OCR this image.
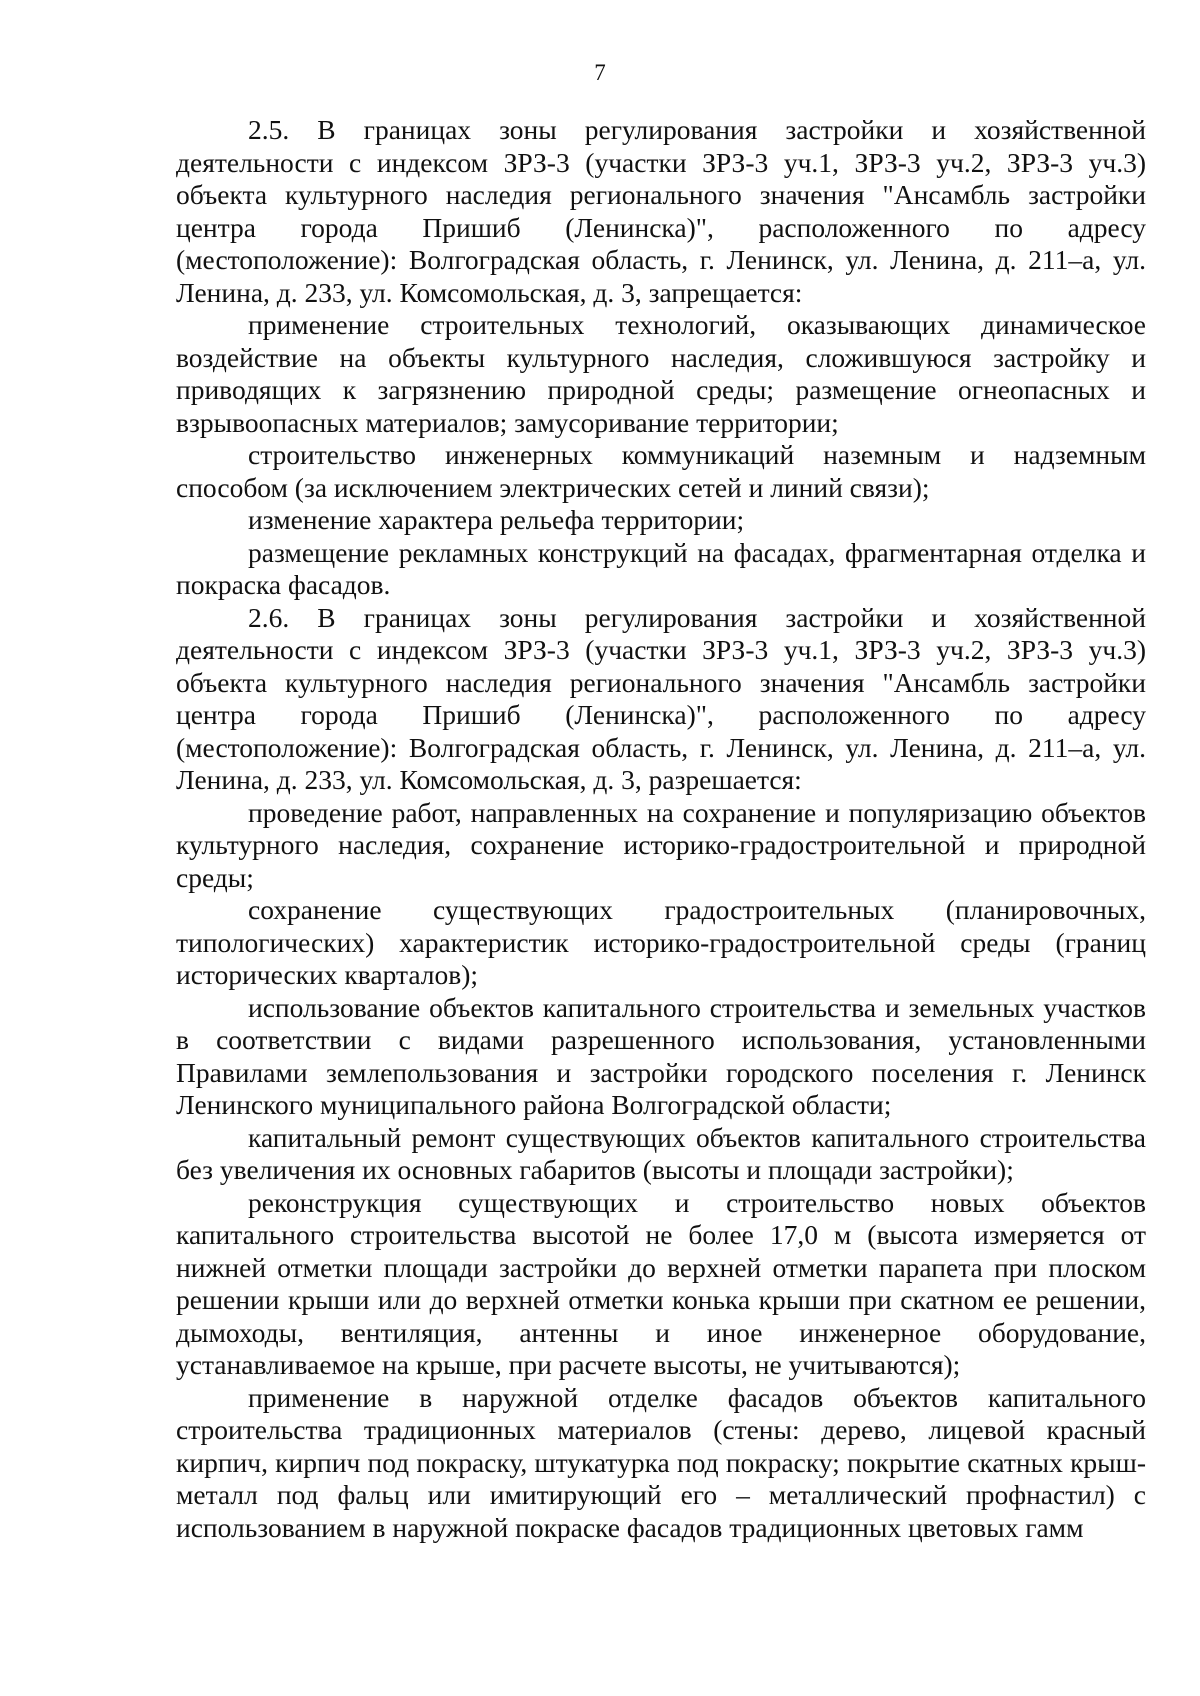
7

2.5. В границах зоны регулирования застройки и хозяйственной деятельности с индексом ЗРЗ-3 (участки ЗРЗ-3 уч.1, ЗРЗ-3 уч.2, ЗРЗ-3 уч.3) объекта культурного наследия регионального значения "Ансамбль застройки центра города Пришиб (Ленинска)", расположенного по адресу (местоположение): Волгоградская область, г. Ленинск, ул. Ленина, д. 211–а, ул. Ленина, д. 233, ул. Комсомольская, д. 3, запрещается:

применение строительных технологий, оказывающих динамическое воздействие на объекты культурного наследия, сложившуюся застройку и приводящих к загрязнению природной среды; размещение огнеопасных и взрывоопасных материалов; замусоривание территории;

строительство инженерных коммуникаций наземным и надземным способом (за исключением электрических сетей и линий связи);

изменение характера рельефа территории;

размещение рекламных конструкций на фасадах, фрагментарная отделка и покраска фасадов.

2.6. В границах зоны регулирования застройки и хозяйственной деятельности с индексом ЗРЗ-3 (участки ЗРЗ-3 уч.1, ЗРЗ-3 уч.2, ЗРЗ-3 уч.3) объекта культурного наследия регионального значения "Ансамбль застройки центра города Пришиб (Ленинска)", расположенного по адресу (местоположение): Волгоградская область, г. Ленинск, ул. Ленина, д. 211–а, ул. Ленина, д. 233, ул. Комсомольская, д. 3, разрешается:

проведение работ, направленных на сохранение и популяризацию объектов культурного наследия, сохранение историко-градостроительной и природной среды;

сохранение существующих градостроительных (планировочных, типологических) характеристик историко-градостроительной среды (границ исторических кварталов);

использование объектов капитального строительства и земельных участков в соответствии с видами разрешенного использования, установленными Правилами землепользования и застройки городского поселения г. Ленинск Ленинского муниципального района Волгоградской области;

капитальный ремонт существующих объектов капитального строительства без увеличения их основных габаритов (высоты и площади застройки);

реконструкция существующих и строительство новых объектов капитального строительства высотой не более 17,0 м (высота измеряется от нижней отметки площади застройки до верхней отметки парапета при плоском решении крыши или до верхней отметки конька крыши при скатном ее решении, дымоходы, вентиляция, антенны и иное инженерное оборудование, устанавливаемое на крыше, при расчете высоты, не учитываются);

применение в наружной отделке фасадов объектов капитального строительства традиционных материалов (стены: дерево, лицевой красный кирпич, кирпич под покраску, штукатурка под покраску; покрытие скатных крыш-металл под фальц или имитирующий его – металлический профнастил) с использованием в наружной покраске фасадов традиционных цветовых гамм
